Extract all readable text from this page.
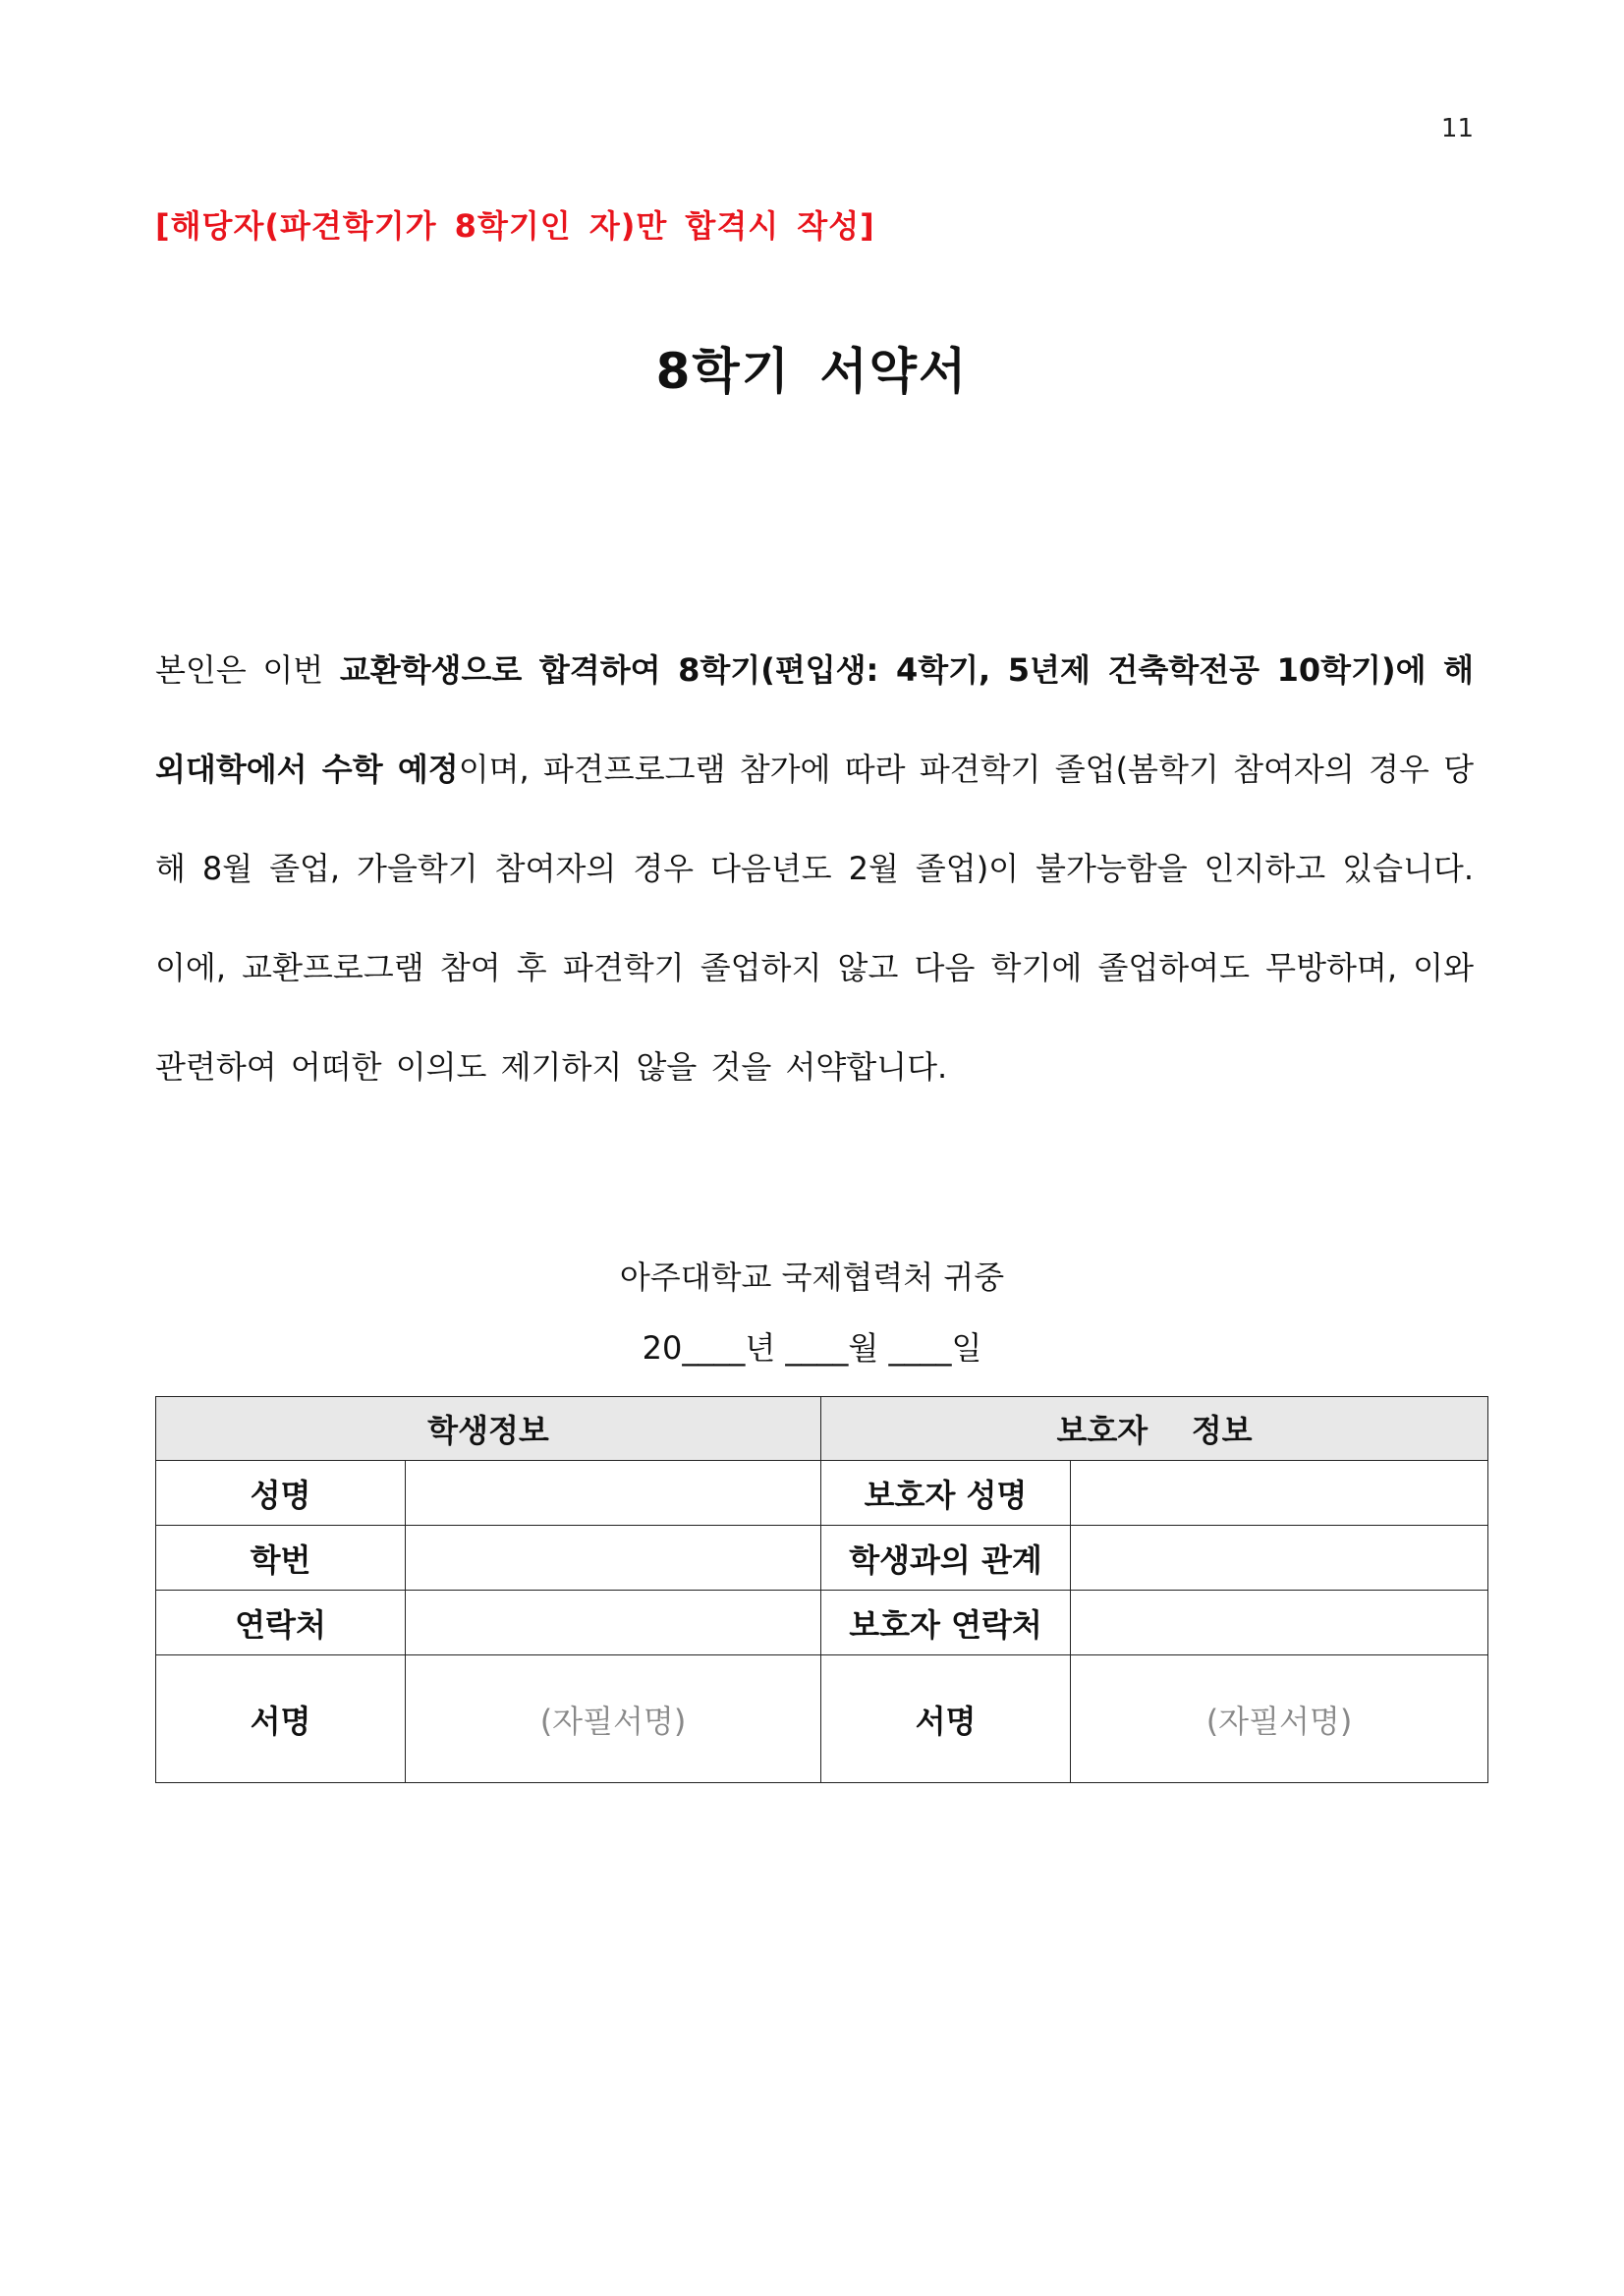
11
[해당자(파견학기가 8학기인 자)만 합격시 작성]
8학기 서약서
본인은 이번 교환학생으로 합격하여 8학기(편입생: 4학기, 5년제 건축학전공 10학기)에 해외대학에서 수학 예정이며, 파견프로그램 참가에 따라 파견학기 졸업(봄학기 참여자의 경우 당해 8월 졸업, 가을학기 참여자의 경우 다음년도 2월 졸업)이 불가능함을 인지하고 있습니다. 이에, 교환프로그램 참여 후 파견학기 졸업하지 않고 다음 학기에 졸업하여도 무방하며, 이와 관련하여 어떠한 이의도 제기하지 않을 것을 서약합니다.
아주대학교 국제협력처 귀중
20____년 ____월 ____일
학생정보		보호자    정보	
성명		보호자 성명	
학번		학생과의 관계	
연락처		보호자 연락처	
서명	(자필서명)	서명	(자필서명)
